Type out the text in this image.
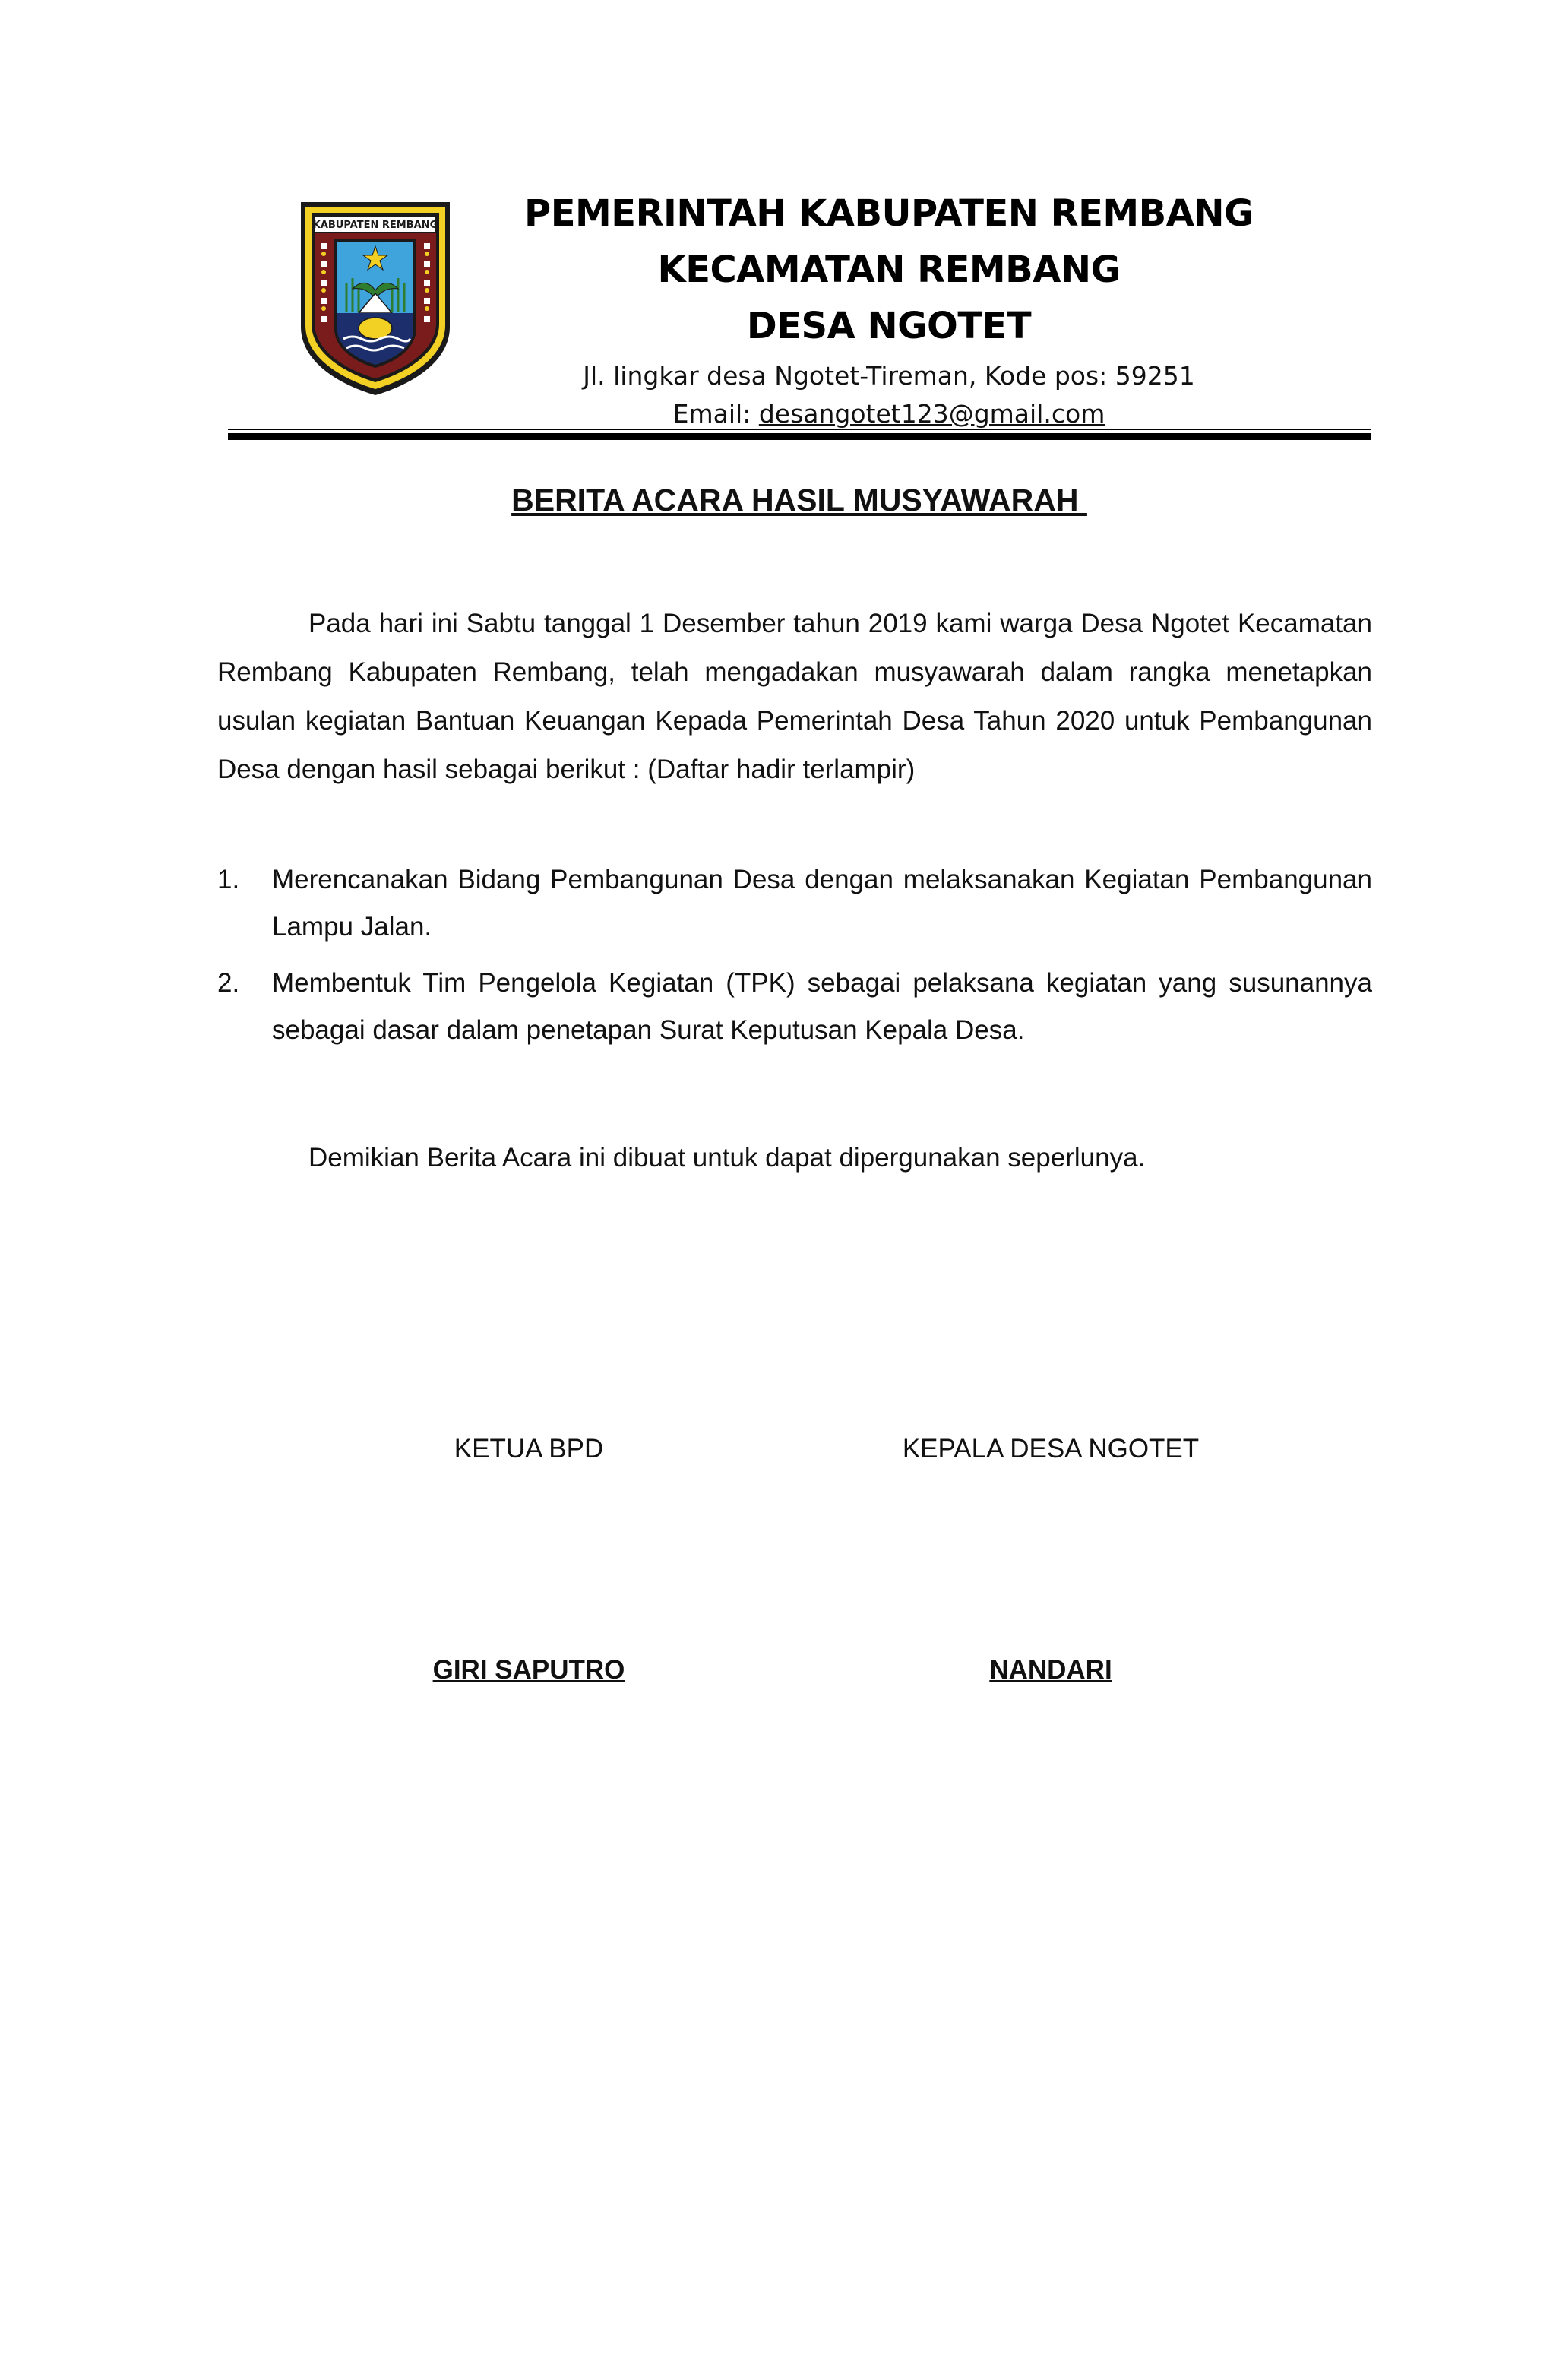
KABUPATEN REMBANG	PEMERINTAH KABUPATEN REMBANG
KECAMATAN REMBANG
DESA NGOTET
Jl. lingkar desa Ngotet-Tireman, Kode pos: 59251
Email: desangotet123@gmail.com
BERITA ACARA HASIL MUSYAWARAH

Pada hari ini Sabtu tanggal 1 Desember tahun 2019 kami warga Desa Ngotet Kecamatan Rembang Kabupaten Rembang, telah mengadakan musyawarah dalam rangka menetapkan usulan kegiatan Bantuan Keuangan Kepada Pemerintah Desa Tahun 2020 untuk Pembangunan Desa dengan hasil sebagai berikut : (Daftar hadir terlampir)

1. Merencanakan Bidang Pembangunan Desa dengan melaksanakan Kegiatan Pembangunan Lampu Jalan.
2. Membentuk Tim Pengelola Kegiatan (TPK) sebagai pelaksana kegiatan yang susunannya sebagai dasar dalam penetapan Surat Keputusan Kepala Desa.
Demikian Berita Acara ini dibuat untuk dapat dipergunakan seperlunya.
KETUA BPD	KEPALA DESA NGOTET
GIRI SAPUTRO	NANDARI
